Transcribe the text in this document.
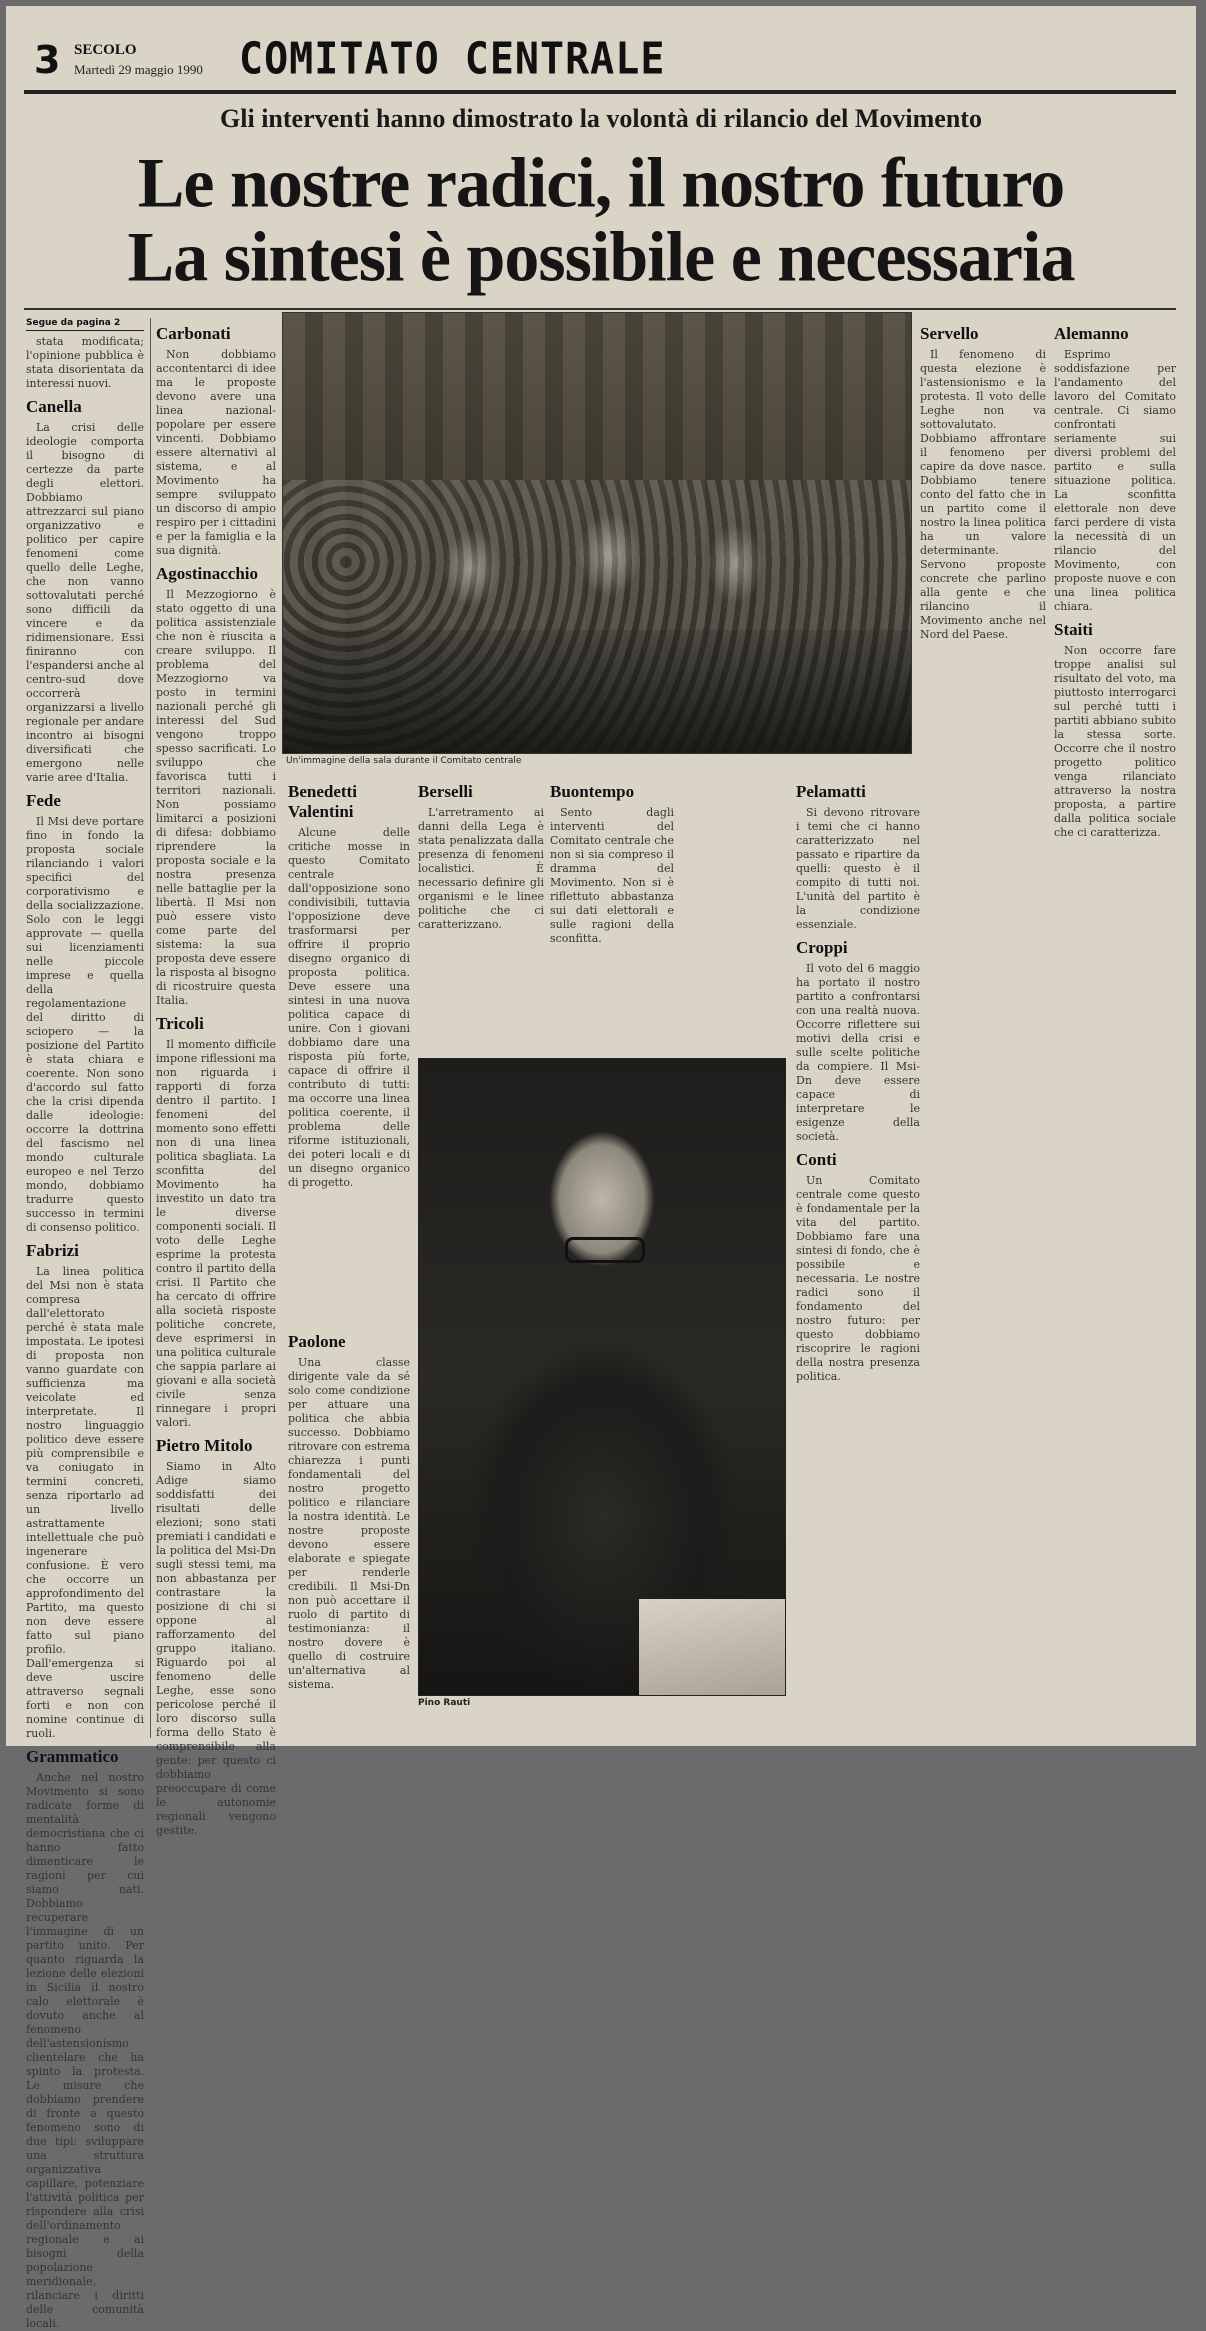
3 SECOLO
Martedì 29 maggio 1990 COMITATO CENTRALE
Gli interventi hanno dimostrato la volontà di rilancio del Movimento
Le nostre radici, il nostro futuro
La sintesi è possibile e necessaria
Segue da pagina 2

stata modificata; l'opinione pubblica è stata disorientata da interessi nuovi.

Canella

La crisi delle ideologie comporta il bisogno di certezze da parte degli elettori. Dobbiamo attrezzarci sul piano organizzativo e politico per capire fenomeni come quello delle Leghe, che non vanno sottovalutati perché sono difficili da vincere e da ridimensionare. Essi finiranno con l'espandersi anche al centro-sud dove occorrerà organizzarsi a livello regionale per andare incontro ai bisogni diversificati che emergono nelle varie aree d'Italia.

Fede

Il Msi deve portare fino in fondo la proposta sociale rilanciando i valori specifici del corporativismo e della socializzazione. Solo con le leggi approvate — quella sui licenziamenti nelle piccole imprese e quella della regolamentazione del diritto di sciopero — la posizione del Partito è stata chiara e coerente. Non sono d'accordo sul fatto che la crisi dipenda dalle ideologie: occorre la dottrina del fascismo nel mondo culturale europeo e nel Terzo mondo, dobbiamo tradurre questo successo in termini di consenso politico.

Fabrizi

La linea politica del Msi non è stata compresa dall'elettorato perché è stata male impostata. Le ipotesi di proposta non vanno guardate con sufficienza ma veicolate ed interpretate. Il nostro linguaggio politico deve essere più comprensibile e va coniugato in termini concreti, senza riportarlo ad un livello astrattamente intellettuale che può ingenerare confusione. È vero che occorre un approfondimento del Partito, ma questo non deve essere fatto sul piano profilo. Dall'emergenza si deve uscire attraverso segnali forti e non con nomine continue di ruoli.

Grammatico

Anche nel nostro Movimento si sono radicate forme di mentalità democristiana che ci hanno fatto dimenticare le ragioni per cui siamo nati. Dobbiamo recuperare l'immagine di un partito unito. Per quanto riguarda la lezione delle elezioni in Sicilia il nostro calo elettorale è dovuto anche al fenomeno dell'astensionismo clientelare che ha spinto la protesta. Le misure che dobbiamo prendere di fronte a questo fenomeno sono di due tipi: sviluppare una struttura organizzativa capillare, potenziare l'attività politica per rispondere alla crisi dell'ordinamento regionale e ai bisogni della popolazione meridionale, rilanciare i diritti delle comunità locali.

Carbonati

Non dobbiamo accontentarci di idee ma le proposte devono avere una linea nazional-popolare per essere vincenti. Dobbiamo essere alternativi al sistema, e al Movimento ha sempre sviluppato un discorso di ampio respiro per i cittadini e per la famiglia e la sua dignità.

Agostinacchio

Il Mezzogiorno è stato oggetto di una politica assistenziale che non è riuscita a creare sviluppo. Il problema del Mezzogiorno va posto in termini nazionali perché gli interessi del Sud vengono troppo spesso sacrificati. Lo sviluppo che favorisca tutti i territori nazionali. Non possiamo limitarci a posizioni di difesa: dobbiamo riprendere la proposta sociale e la nostra presenza nelle battaglie per la libertà. Il Msi non può essere visto come parte del sistema: la sua proposta deve essere la risposta al bisogno di ricostruire questa Italia.

Tricoli

Il momento difficile impone riflessioni ma non riguarda i rapporti di forza dentro il partito. I fenomeni del momento sono effetti non di una linea politica sbagliata. La sconfitta del Movimento ha investito un dato tra le diverse componenti sociali. Il voto delle Leghe esprime la protesta contro il partito della crisi. Il Partito che ha cercato di offrire alla società risposte politiche concrete, deve esprimersi in una politica culturale che sappia parlare ai giovani e alla società civile senza rinnegare i propri valori.

Pietro Mitolo

Siamo in Alto Adige siamo soddisfatti dei risultati delle elezioni; sono stati premiati i candidati e la politica del Msi-Dn sugli stessi temi, ma non abbastanza per contrastare la posizione di chi si oppone al rafforzamento del gruppo italiano. Riguardo poi al fenomeno delle Leghe, esse sono pericolose perché il loro discorso sulla forma dello Stato è comprensibile alla gente: per questo ci dobbiamo preoccupare di come le autonomie regionali vengono gestite.

Un'immagine della sala durante il Comitato centrale
Benedetti Valentini

Alcune delle critiche mosse in questo Comitato centrale dall'opposizione sono condivisibili, tuttavia l'opposizione deve trasformarsi per offrire il proprio disegno organico di proposta politica. Deve essere una sintesi in una nuova politica capace di unire. Con i giovani dobbiamo dare una risposta più forte, capace di offrire il contributo di tutti: ma occorre una linea politica coerente, il problema delle riforme istituzionali, dei poteri locali e di un disegno organico di progetto.

Berselli

L'arretramento ai danni della Lega è stata penalizzata dalla presenza di fenomeni localistici. È necessario definire gli organismi e le linee politiche che ci caratterizzano.

Buontempo

Sento dagli interventi del Comitato centrale che non si sia compreso il dramma del Movimento. Non si è riflettuto abbastanza sui dati elettorali e sulle ragioni della sconfitta.

Paolone

Una classe dirigente vale da sé solo come condizione per attuare una politica che abbia successo. Dobbiamo ritrovare con estrema chiarezza i punti fondamentali del nostro progetto politico e rilanciare la nostra identità. Le nostre proposte devono essere elaborate e spiegate per renderle credibili. Il Msi-Dn non può accettare il ruolo di partito di testimonianza: il nostro dovere è quello di costruire un'alternativa al sistema.

Pino Rauti
Pelamatti

Si devono ritrovare i temi che ci hanno caratterizzato nel passato e ripartire da quelli: questo è il compito di tutti noi. L'unità del partito è la condizione essenziale.

Croppi

Il voto del 6 maggio ha portato il nostro partito a confrontarsi con una realtà nuova. Occorre riflettere sui motivi della crisi e sulle scelte politiche da compiere. Il Msi-Dn deve essere capace di interpretare le esigenze della società.

Conti

Un Comitato centrale come questo è fondamentale per la vita del partito. Dobbiamo fare una sintesi di fondo, che è possibile e necessaria. Le nostre radici sono il fondamento del nostro futuro: per questo dobbiamo riscoprire le ragioni della nostra presenza politica.

Servello

Il fenomeno di questa elezione è l'astensionismo e la protesta. Il voto delle Leghe non va sottovalutato. Dobbiamo affrontare il fenomeno per capire da dove nasce. Dobbiamo tenere conto del fatto che in un partito come il nostro la linea politica ha un valore determinante. Servono proposte concrete che parlino alla gente e che rilancino il Movimento anche nel Nord del Paese.

Alemanno

Esprimo soddisfazione per l'andamento del lavoro del Comitato centrale. Ci siamo confrontati seriamente sui diversi problemi del partito e sulla situazione politica. La sconfitta elettorale non deve farci perdere di vista la necessità di un rilancio del Movimento, con proposte nuove e con una linea politica chiara.

Staiti

Non occorre fare troppe analisi sul risultato del voto, ma piuttosto interrogarci sul perché tutti i partiti abbiano subito la stessa sorte. Occorre che il nostro progetto politico venga rilanciato attraverso la nostra proposta, a partire dalla politica sociale che ci caratterizza.
